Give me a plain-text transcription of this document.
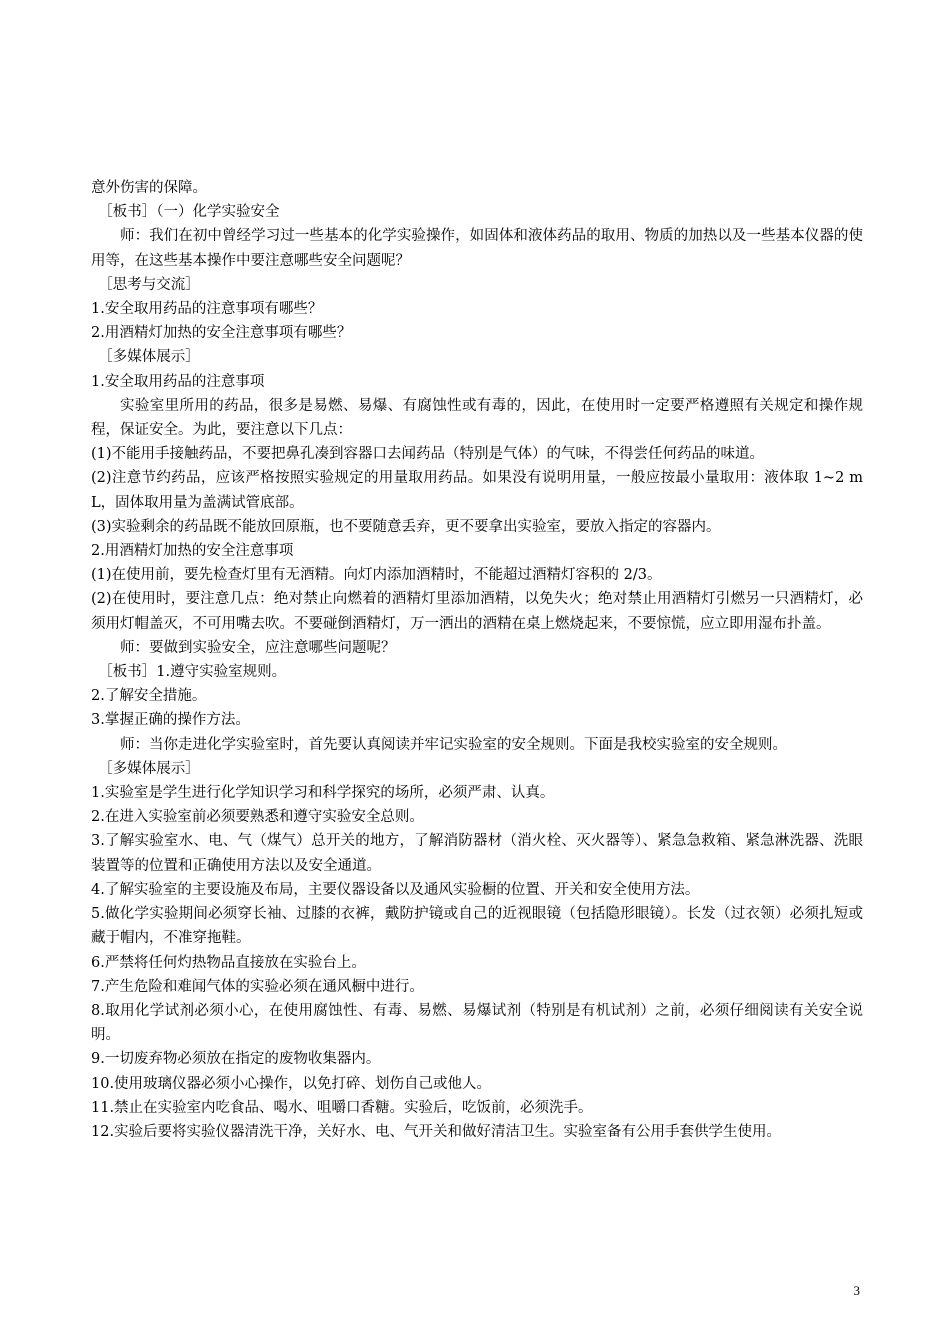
意外伤害的保障。

［板书］（一）化学实验安全

师：我们在初中曾经学习过一些基本的化学实验操作，如固体和液体药品的取用、物质的加热以及一些基本仪器的使用等，在这些基本操作中要注意哪些安全问题呢？

［思考与交流］

1.安全取用药品的注意事项有哪些？

2.用酒精灯加热的安全注意事项有哪些？

［多媒体展示］

1.安全取用药品的注意事项

实验室里所用的药品，很多是易燃、易爆、有腐蚀性或有毒的，因此，在使用时一定要严格遵照有关规定和操作规程，保证安全。为此，要注意以下几点：

(1)不能用手接触药品，不要把鼻孔凑到容器口去闻药品（特别是气体）的气味，不得尝任何药品的味道。

(2)注意节约药品，应该严格按照实验规定的用量取用药品。如果没有说明用量，一般应按最小量取用：液体取 1~2 mL，固体取用量为盖满试管底部。

(3)实验剩余的药品既不能放回原瓶，也不要随意丢弃，更不要拿出实验室，要放入指定的容器内。

2.用酒精灯加热的安全注意事项

(1)在使用前，要先检查灯里有无酒精。向灯内添加酒精时，不能超过酒精灯容积的 2/3。

(2)在使用时，要注意几点：绝对禁止向燃着的酒精灯里添加酒精，以免失火；绝对禁止用酒精灯引燃另一只酒精灯，必须用灯帽盖灭，不可用嘴去吹。不要碰倒酒精灯，万一洒出的酒精在桌上燃烧起来，不要惊慌，应立即用湿布扑盖。

师：要做到实验安全，应注意哪些问题呢？

［板书］1.遵守实验室规则。

2.了解安全措施。

3.掌握正确的操作方法。

师：当你走进化学实验室时，首先要认真阅读并牢记实验室的安全规则。下面是我校实验室的安全规则。

［多媒体展示］

1.实验室是学生进行化学知识学习和科学探究的场所，必须严肃、认真。

2.在进入实验室前必须要熟悉和遵守实验安全总则。

3.了解实验室水、电、气（煤气）总开关的地方，了解消防器材（消火栓、灭火器等）、紧急急救箱、紧急淋洗器、洗眼装置等的位置和正确使用方法以及安全通道。

4.了解实验室的主要设施及布局，主要仪器设备以及通风实验橱的位置、开关和安全使用方法。

5.做化学实验期间必须穿长袖、过膝的衣裤，戴防护镜或自己的近视眼镜（包括隐形眼镜）。长发（过衣领）必须扎短或藏于帽内，不准穿拖鞋。

6.严禁将任何灼热物品直接放在实验台上。

7.产生危险和难闻气体的实验必须在通风橱中进行。

8.取用化学试剂必须小心，在使用腐蚀性、有毒、易燃、易爆试剂（特别是有机试剂）之前，必须仔细阅读有关安全说明。

9.一切废弃物必须放在指定的废物收集器内。

10.使用玻璃仪器必须小心操作，以免打碎、划伤自己或他人。

11.禁止在实验室内吃食品、喝水、咀嚼口香糖。实验后，吃饭前，必须洗手。

12.实验后要将实验仪器清洗干净，关好水、电、气开关和做好清洁卫生。实验室备有公用手套供学生使用。

3
